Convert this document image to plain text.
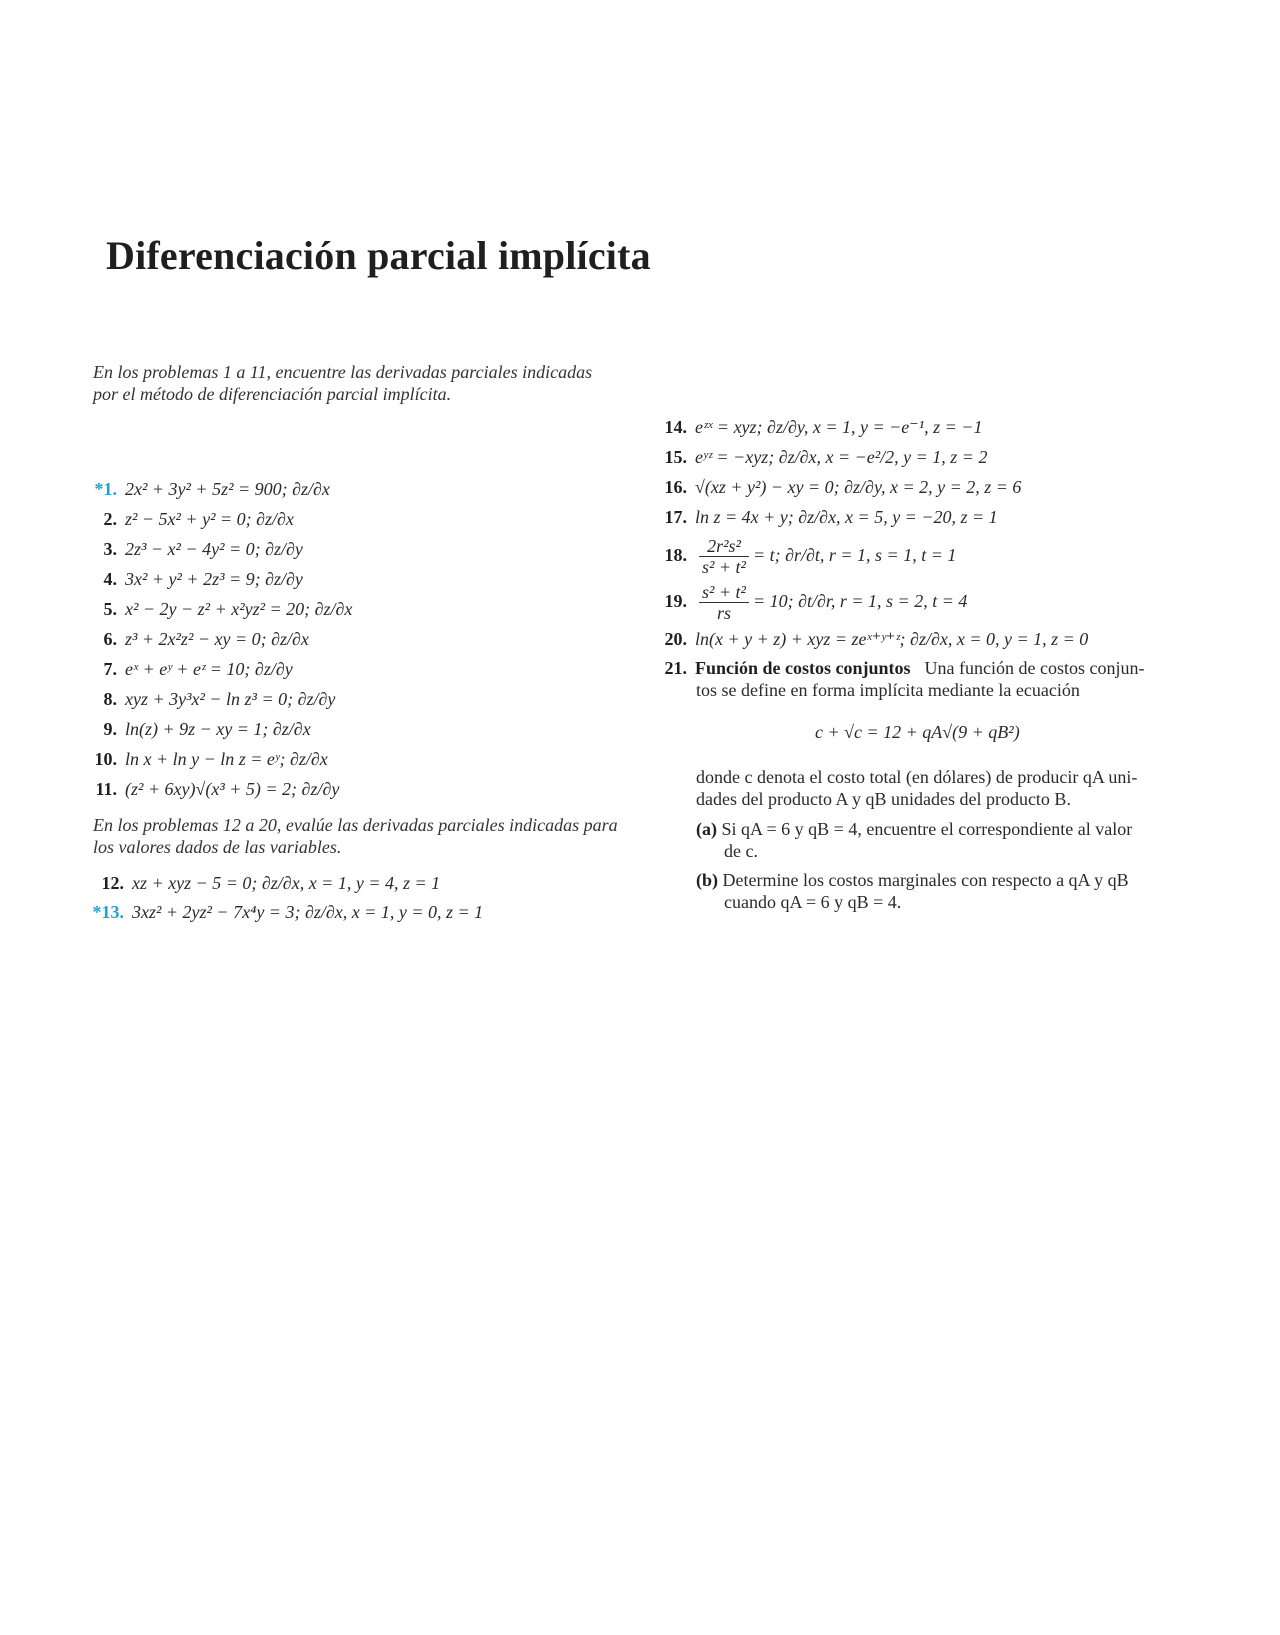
Diferenciación parcial implícita
En los problemas 1 a 11, encuentre las derivadas parciales indicadas por el método de diferenciación parcial implícita.
*1. 2x² + 3y² + 5z² = 900; ∂z/∂x
2. z² − 5x² + y² = 0; ∂z/∂x
3. 2z³ − x² − 4y² = 0; ∂z/∂y
4. 3x² + y² + 2z³ = 9; ∂z/∂y
5. x² − 2y − z² + x²yz² = 20; ∂z/∂x
6. z³ + 2x²z² − xy = 0; ∂z/∂x
7. eˣ + eʸ + eᶻ = 10; ∂z/∂y
8. xyz + 3y³x² − ln z³ = 0; ∂z/∂y
9. ln(z) + 9z − xy = 1; ∂z/∂x
10. ln x + ln y − ln z = eʸ; ∂z/∂x
11. (z² + 6xy)√(x³ + 5) = 2; ∂z/∂y
En los problemas 12 a 20, evalúe las derivadas parciales indicadas para los valores dados de las variables.
12. xz + xyz − 5 = 0; ∂z/∂x, x = 1, y = 4, z = 1
*13. 3xz² + 2yz² − 7x⁴y = 3; ∂z/∂x, x = 1, y = 0, z = 1
14. eᶻˣ = xyz; ∂z/∂y, x = 1, y = −e⁻¹, z = −1
15. eʸᶻ = −xyz; ∂z/∂x, x = −e²/2, y = 1, z = 2
16. √(xz + y²) − xy = 0; ∂z/∂y, x = 2, y = 2, z = 6
17. ln z = 4x + y; ∂z/∂x, x = 5, y = −20, z = 1
18. $\frac{\text{2r²s²}}{\text{s² + t²}} = t$; ∂r/∂t, r = 1, s = 1, t = 1
19. $\frac{\text{s² + t²}}{rs} = 10$; ∂t/∂r, r = 1, s = 2, t = 4
20. ln(x + y + z) + xyz = zeˣ⁺ʸ⁺ᶻ; ∂z/∂x, x = 0, y = 1, z = 0
21. Función de costos conjuntos Una función de costos conjun-
tos se define en forma implícita mediante la ecuación
c + √c = 12 + qA√(9 + qB²)
donde c denota el costo total (en dólares) de producir qA uni-
dades del producto A y qB unidades del producto B.
(a) Si qA = 6 y qB = 4, encuentre el correspondiente al valor
de c.
(b) Determine los costos marginales con respecto a qA y qB
cuando qA = 6 y qB = 4.
